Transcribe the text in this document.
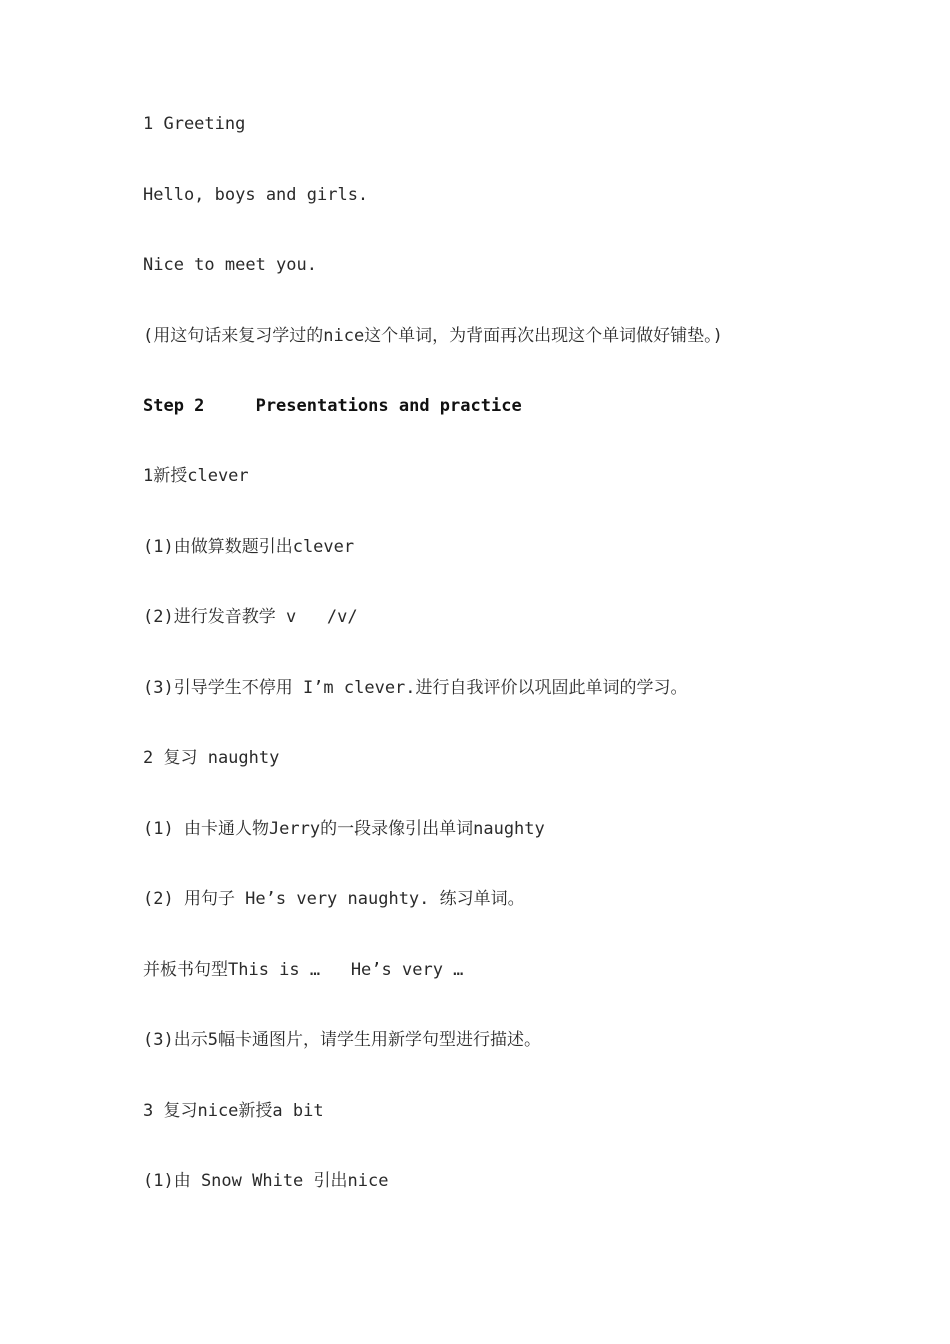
1 Greeting

Hello, boys and girls.

Nice to meet you.

(用这句话来复习学过的nice这个单词，为背面再次出现这个单词做好铺垫。)

Step 2     Presentations and practice

1新授clever

(1)由做算数题引出clever

(2)进行发音教学 v   /v/

(3)引导学生不停用 I’m clever.进行自我评价以巩固此单词的学习。

2 复习 naughty

(1) 由卡通人物Jerry的一段录像引出单词naughty

(2) 用句子 He’s very naughty. 练习单词。

并板书句型This is …   He’s very …

(3)出示5幅卡通图片，请学生用新学句型进行描述。

3 复习nice新授a bit

(1)由 Snow White 引出nice
